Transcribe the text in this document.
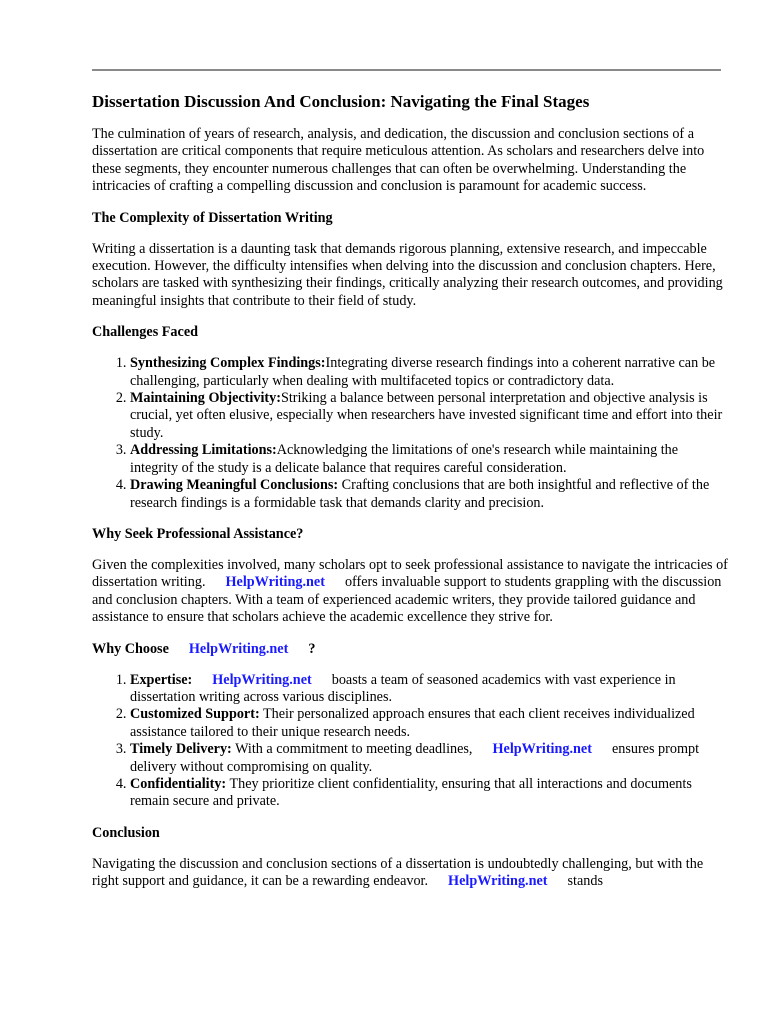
Dissertation Discussion And Conclusion: Navigating the Final Stages

The culmination of years of research, analysis, and dedication, the discussion and conclusion sections of a dissertation are critical components that require meticulous attention. As scholars and researchers delve into these segments, they encounter numerous challenges that can often be overwhelming. Understanding the intricacies of crafting a compelling discussion and conclusion is paramount for academic success.

The Complexity of Dissertation Writing

Writing a dissertation is a daunting task that demands rigorous planning, extensive research, and impeccable execution. However, the difficulty intensifies when delving into the discussion and conclusion chapters. Here, scholars are tasked with synthesizing their findings, critically analyzing their research outcomes, and providing meaningful insights that contribute to their field of study.

Challenges Faced
1. Synthesizing Complex Findings:Integrating diverse research findings into a coherent narrative can be challenging, particularly when dealing with multifaceted topics or contradictory data.
2. Maintaining Objectivity:Striking a balance between personal interpretation and objective analysis is crucial, yet often elusive, especially when researchers have invested significant time and effort into their study.
3. Addressing Limitations:Acknowledging the limitations of one's research while maintaining the integrity of the study is a delicate balance that requires careful consideration.
4. Drawing Meaningful Conclusions: Crafting conclusions that are both insightful and reflective of the research findings is a formidable task that demands clarity and precision.
Why Seek Professional Assistance?

Given the complexities involved, many scholars opt to seek professional assistance to navigate the intricacies of dissertation writing. HelpWriting.net offers invaluable support to students grappling with the discussion and conclusion chapters. With a team of experienced academic writers, they provide tailored guidance and assistance to ensure that scholars achieve the academic excellence they strive for.

Why Choose HelpWriting.net ?
1. Expertise: HelpWriting.net boasts a team of seasoned academics with vast experience in dissertation writing across various disciplines.
2. Customized Support: Their personalized approach ensures that each client receives individualized assistance tailored to their unique research needs.
3. Timely Delivery: With a commitment to meeting deadlines, HelpWriting.net ensures prompt delivery without compromising on quality.
4. Confidentiality: They prioritize client confidentiality, ensuring that all interactions and documents remain secure and private.
Conclusion

Navigating the discussion and conclusion sections of a dissertation is undoubtedly challenging, but with the right support and guidance, it can be a rewarding endeavor. HelpWriting.net stands
